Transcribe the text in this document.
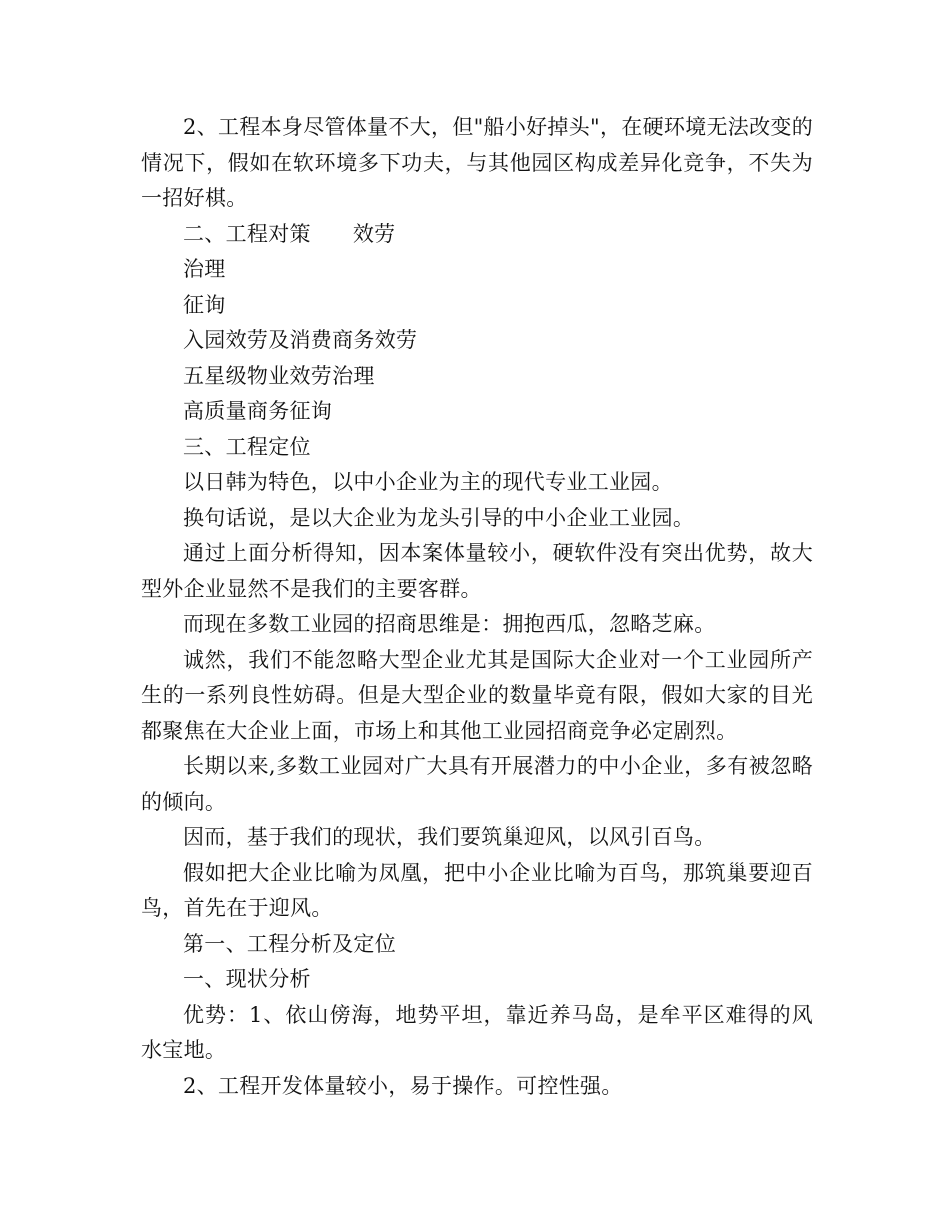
2、工程本身尽管体量不大，但"船小好掉头"，在硬环境无法改变的情况下，假如在软环境多下功夫，与其他园区构成差异化竞争，不失为一招好棋。

二、工程对策 效劳

治理

征询

入园效劳及消费商务效劳

五星级物业效劳治理

高质量商务征询

三、工程定位

以日韩为特色，以中小企业为主的现代专业工业园。

换句话说，是以大企业为龙头引导的中小企业工业园。

通过上面分析得知，因本案体量较小，硬软件没有突出优势，故大型外企业显然不是我们的主要客群。

而现在多数工业园的招商思维是：拥抱西瓜，忽略芝麻。

诚然，我们不能忽略大型企业尤其是国际大企业对一个工业园所产生的一系列良性妨碍。但是大型企业的数量毕竟有限，假如大家的目光都聚焦在大企业上面，市场上和其他工业园招商竞争必定剧烈。

长期以来,多数工业园对广大具有开展潜力的中小企业，多有被忽略的倾向。

因而，基于我们的现状，我们要筑巢迎风，以风引百鸟。

假如把大企业比喻为凤凰，把中小企业比喻为百鸟，那筑巢要迎百鸟，首先在于迎风。

第一、工程分析及定位

一、现状分析

优势：1、依山傍海，地势平坦，靠近养马岛，是牟平区难得的风水宝地。

2、工程开发体量较小，易于操作。可控性强。
